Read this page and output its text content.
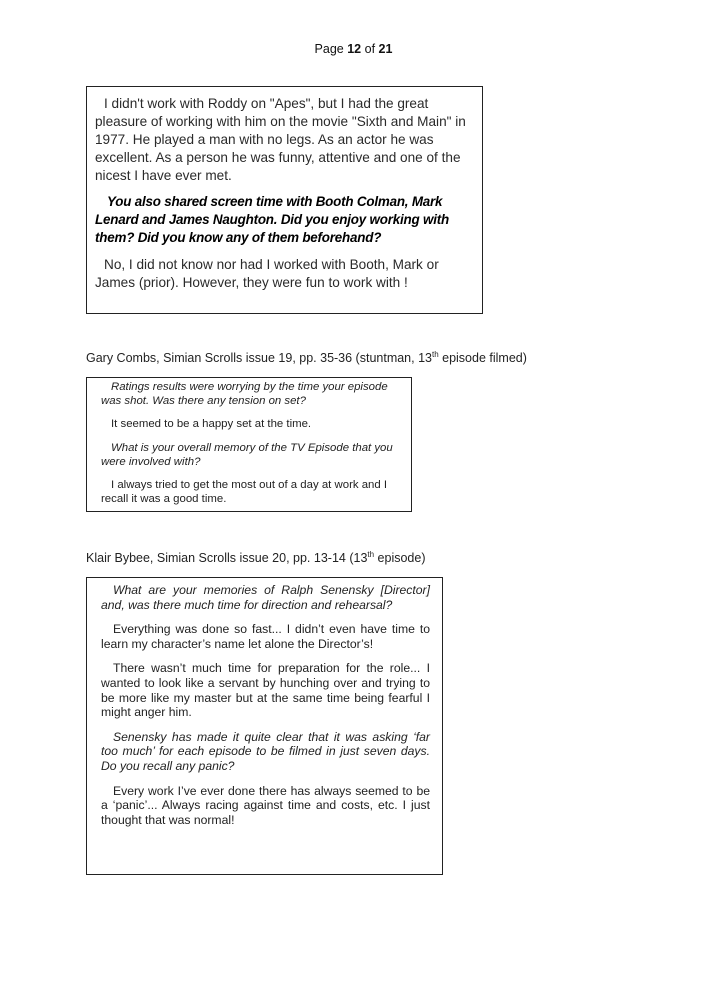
Page 12 of 21

I didn't work with Roddy on "Apes", but I had the great pleasure of working with him on the movie "Sixth and Main" in 1977. He played a man with no legs. As an actor he was excellent. As a person he was funny, attentive and one of the nicest I have ever met.

You also shared screen time with Booth Colman, Mark Lenard and James Naughton. Did you enjoy working with them? Did you know any of them beforehand?

No, I did not know nor had I worked with Booth, Mark or James (prior). However, they were fun to work with !

Gary Combs, Simian Scrolls issue 19, pp. 35-36 (stuntman, 13th episode filmed)

Ratings results were worrying by the time your episode was shot. Was there any tension on set?

It seemed to be a happy set at the time.

What is your overall memory of the TV Episode that you were involved with?

I always tried to get the most out of a day at work and I recall it was a good time.

Klair Bybee, Simian Scrolls issue 20, pp. 13-14 (13th episode)

What are your memories of Ralph Senensky [Director] and, was there much time for direction and rehearsal?

Everything was done so fast... I didn’t even have time to learn my character’s name let alone the Director’s!

There wasn’t much time for preparation for the role... I wanted to look like a servant by hunching over and trying to be more like my master but at the same time being fearful I might anger him.

Senensky has made it quite clear that it was asking ‘far too much’ for each episode to be filmed in just seven days. Do you recall any panic?

Every work I’ve ever done there has always seemed to be a ‘panic’... Always racing against time and costs, etc. I just thought that was normal!
